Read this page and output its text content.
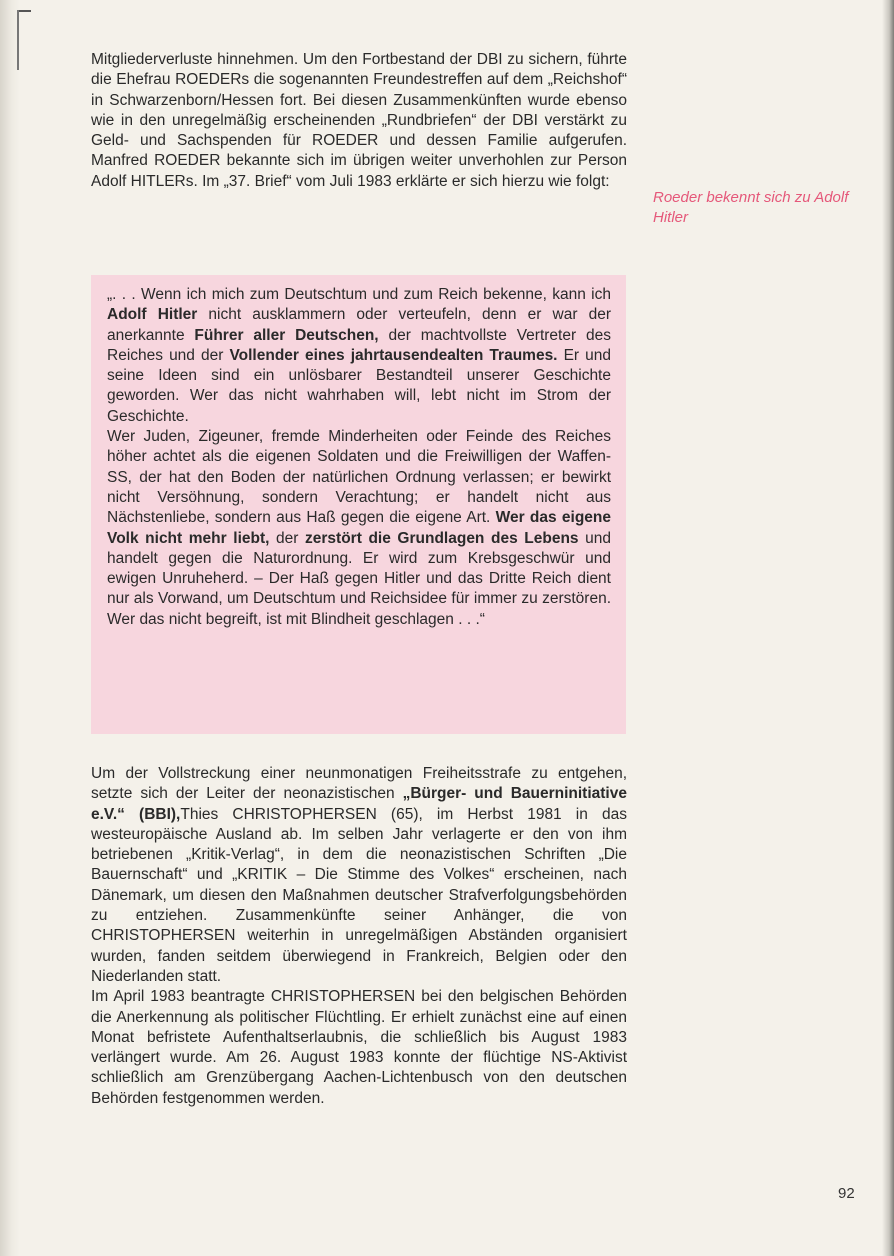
Mitgliederverluste hinnehmen. Um den Fortbestand der DBI zu sichern, führte die Ehefrau ROEDERs die sogenannten Freundestreffen auf dem „Reichshof“ in Schwarzenborn/Hessen fort. Bei diesen Zusammenkünften wurde ebenso wie in den unregelmäßig erscheinenden „Rundbriefen“ der DBI verstärkt zu Geld- und Sachspenden für ROEDER und dessen Familie aufgerufen. Manfred ROEDER bekannte sich im übrigen weiter unverhohlen zur Person Adolf HITLERs. Im „37. Brief“ vom Juli 1983 erklärte er sich hierzu wie folgt:

Roeder bekennt sich zu Adolf Hitler

„. . . Wenn ich mich zum Deutschtum und zum Reich bekenne, kann ich Adolf Hitler nicht ausklammern oder verteufeln, denn er war der anerkannte Führer aller Deutschen, der machtvollste Vertreter des Reiches und der Vollender eines jahrtausendealten Traumes. Er und seine Ideen sind ein unlösbarer Bestandteil unserer Geschichte geworden. Wer das nicht wahrhaben will, lebt nicht im Strom der Geschichte.

Wer Juden, Zigeuner, fremde Minderheiten oder Feinde des Reiches höher achtet als die eigenen Soldaten und die Freiwilligen der Waffen-SS, der hat den Boden der natürlichen Ordnung verlassen; er bewirkt nicht Versöhnung, sondern Verachtung; er handelt nicht aus Nächstenliebe, sondern aus Haß gegen die eigene Art. Wer das eigene Volk nicht mehr liebt, der zerstört die Grundlagen des Lebens und handelt gegen die Naturordnung. Er wird zum Krebsgeschwür und ewigen Unruheherd. – Der Haß gegen Hitler und das Dritte Reich dient nur als Vorwand, um Deutschtum und Reichsidee für immer zu zerstören. Wer das nicht begreift, ist mit Blindheit geschlagen . . .“

Um der Vollstreckung einer neunmonatigen Freiheitsstrafe zu entgehen, setzte sich der Leiter der neonazistischen „Bürger- und Bauerninitiative e.V.“ (BBI),Thies CHRISTOPHERSEN (65), im Herbst 1981 in das westeuropäische Ausland ab. Im selben Jahr verlagerte er den von ihm betriebenen „Kritik-Verlag“, in dem die neonazistischen Schriften „Die Bauernschaft“ und „KRITIK – Die Stimme des Volkes“ erscheinen, nach Dänemark, um diesen den Maßnahmen deutscher Strafverfolgungsbehörden zu entziehen. Zusammenkünfte seiner Anhänger, die von CHRISTOPHERSEN weiterhin in unregelmäßigen Abständen organisiert wurden, fanden seitdem überwiegend in Frankreich, Belgien oder den Niederlanden statt.

Im April 1983 beantragte CHRISTOPHERSEN bei den belgischen Behörden die Anerkennung als politischer Flüchtling. Er erhielt zunächst eine auf einen Monat befristete Aufenthaltserlaubnis, die schließlich bis August 1983 verlängert wurde. Am 26. August 1983 konnte der flüchtige NS-Aktivist schließlich am Grenzübergang Aachen-Lichtenbusch von den deutschen Behörden festgenommen werden.

92
